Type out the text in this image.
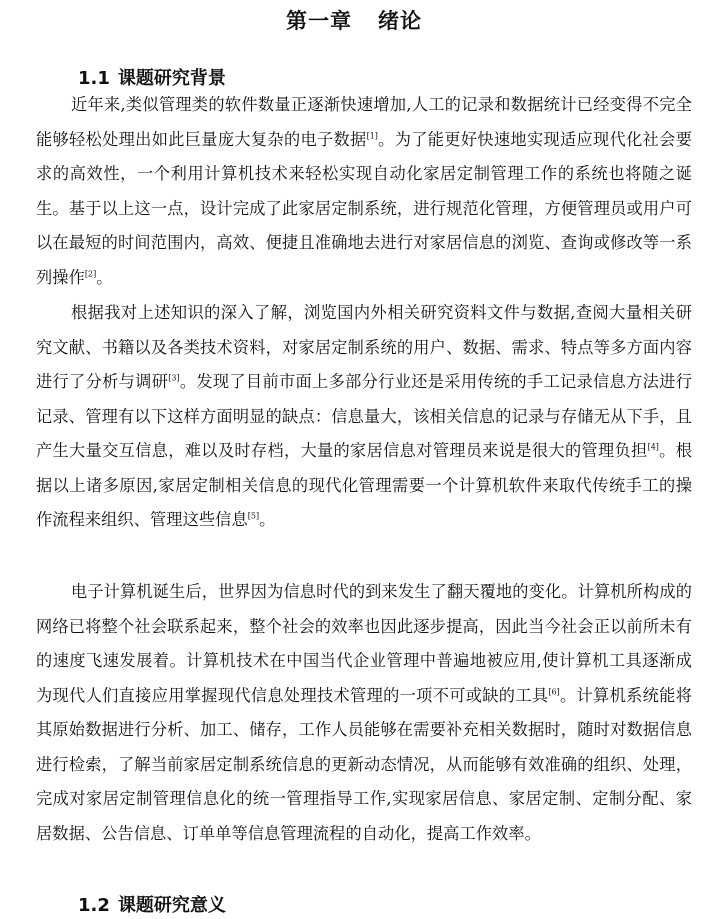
第一章 绪论
1.1 课题研究背景

近年来,类似管理类的软件数量正逐渐快速增加,人工的记录和数据统计已经变得不完全能够轻松处理出如此巨量庞大复杂的电子数据[1]。为了能更好快速地实现适应现代化社会要求的高效性，一个利用计算机技术来轻松实现自动化家居定制管理工作的系统也将随之诞生。基于以上这一点，设计完成了此家居定制系统，进行规范化管理，方便管理员或用户可以在最短的时间范围内，高效、便捷且准确地去进行对家居信息的浏览、查询或修改等一系列操作[2]。

根据我对上述知识的深入了解，浏览国内外相关研究资料文件与数据,查阅大量相关研究文献、书籍以及各类技术资料，对家居定制系统的用户、数据、需求、特点等多方面内容进行了分析与调研[3]。发现了目前市面上多部分行业还是采用传统的手工记录信息方法进行记录、管理有以下这样方面明显的缺点：信息量大，该相关信息的记录与存储无从下手，且产生大量交互信息，难以及时存档，大量的家居信息对管理员来说是很大的管理负担[4]。根据以上诸多原因,家居定制相关信息的现代化管理需要一个计算机软件来取代传统手工的操作流程来组织、管理这些信息[5]。

电子计算机诞生后，世界因为信息时代的到来发生了翻天覆地的变化。计算机所构成的网络已将整个社会联系起来，整个社会的效率也因此逐步提高，因此当今社会正以前所未有的速度飞速发展着。计算机技术在中国当代企业管理中普遍地被应用,使计算机工具逐渐成为现代人们直接应用掌握现代信息处理技术管理的一项不可或缺的工具[6]。计算机系统能将其原始数据进行分析、加工、储存，工作人员能够在需要补充相关数据时，随时对数据信息进行检索，了解当前家居定制系统信息的更新动态情况，从而能够有效准确的组织、处理，完成对家居定制管理信息化的统一管理指导工作,实现家居信息、家居定制、定制分配、家居数据、公告信息、订单单等信息管理流程的自动化，提高工作效率。

1.2 课题研究意义
